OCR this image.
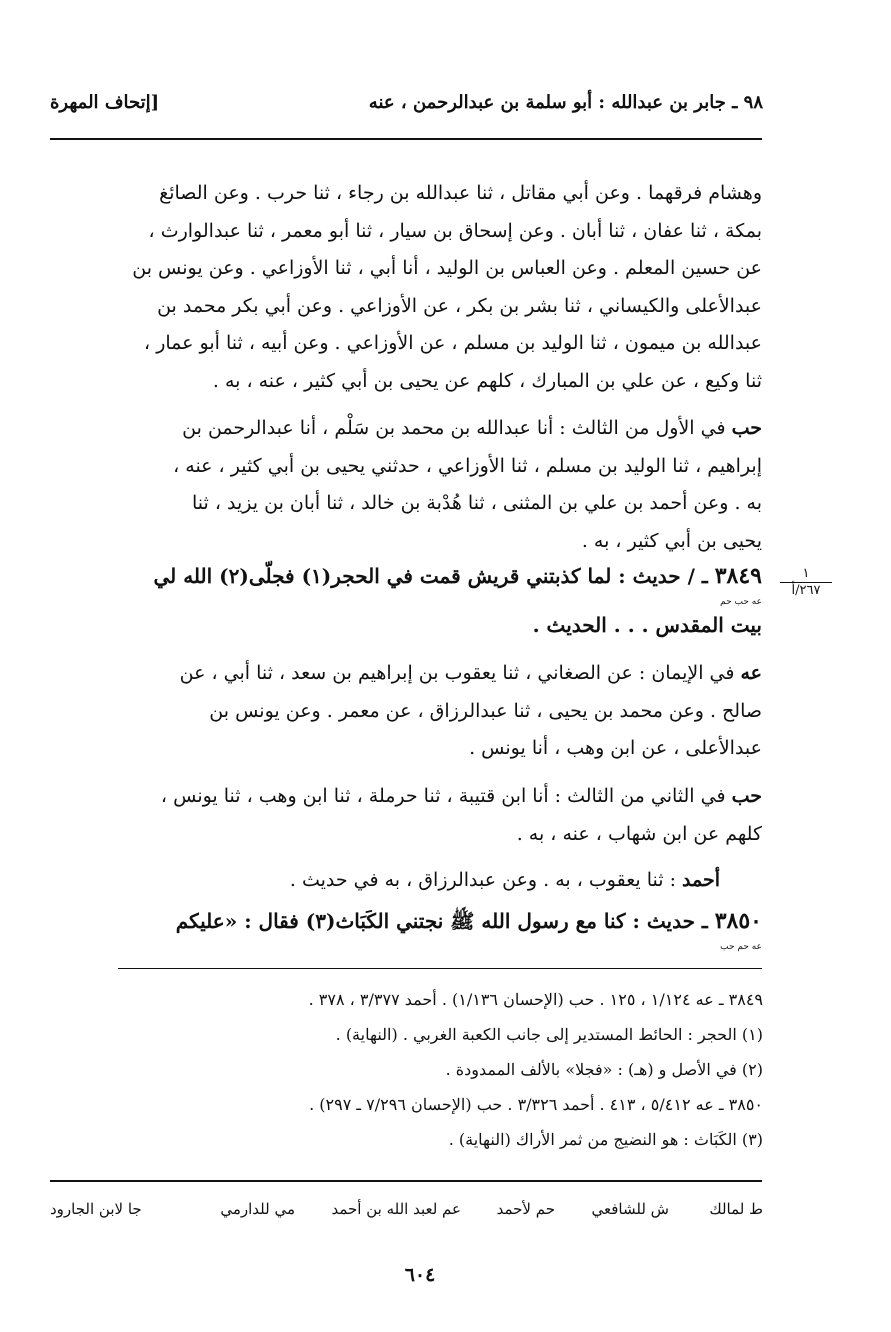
٩٨ ـ جابر بن عبدالله : أبو سلمة بن عبدالرحمن ، عنه
[إتحاف المهرة

وهشام فرقهما . وعن أبي مقاتل ، ثنا عبدالله بن رجاء ، ثنا حرب . وعن الصائغ
بمكة ، ثنا عفان ، ثنا أبان . وعن إسحاق بن سيار ، ثنا أبو معمر ، ثنا عبدالوارث ،
عن حسين المعلم . وعن العباس بن الوليد ، أنا أبي ، ثنا الأوزاعي . وعن يونس بن
عبدالأعلى والكيساني ، ثنا بشر بن بكر ، عن الأوزاعي . وعن أبي بكر محمد بن
عبدالله بن ميمون ، ثنا الوليد بن مسلم ، عن الأوزاعي . وعن أبيه ، ثنا أبو عمار ،
ثنا وكيع ، عن علي بن المبارك ، كلهم عن يحيى بن أبي كثير ، عنه ، به .

حب في الأول من الثالث : أنا عبدالله بن محمد بن سَلْم ، أنا عبدالرحمن بن
إبراهيم ، ثنا الوليد بن مسلم ، ثنا الأوزاعي ، حدثني يحيى بن أبي كثير ، عنه ،
به . وعن أحمد بن علي بن المثنى ، ثنا هُدْبة بن خالد ، ثنا أبان بن يزيد ، ثنا
يحيى بن أبي كثير ، به .

٣٨٤٩ ـ / حديث : لما كذبتني قريش قمت في الحجر(١) فجلّى(٢) الله لي
عه حب حم
بيت المقدس . . . الحديث .
١
٢٦٧/أ

عه في الإيمان : عن الصغاني ، ثنا يعقوب بن إبراهيم بن سعد ، ثنا أبي ، عن
صالح . وعن محمد بن يحيى ، ثنا عبدالرزاق ، عن معمر . وعن يونس بن
عبدالأعلى ، عن ابن وهب ، أنا يونس .

حب في الثاني من الثالث : أنا ابن قتيبة ، ثنا حرملة ، ثنا ابن وهب ، ثنا يونس ،
كلهم عن ابن شهاب ، عنه ، به .

أحمد : ثنا يعقوب ، به . وعن عبدالرزاق ، به في حديث .

٣٨٥٠ ـ حديث : كنا مع رسول الله ﷺ نجتني الكَبَاث(٣) فقال : «عليكم
عه حم حب
٣٨٤٩ ـ عه ١/١٢٤ ، ١٢٥ . حب (الإحسان ١/١٣٦) . أحمد ٣/٣٧٧ ، ٣٧٨ .
(١) الحجر : الحائط المستدير إلى جانب الكعبة الغربي . (النهاية) .
(٢) في الأصل و (هـ) : «فجلا» بالألف الممدودة .
٣٨٥٠ ـ عه ٥/٤١٢ ، ٤١٣ . أحمد ٣/٣٢٦ . حب (الإحسان ٧/٢٩٦ ـ ٢٩٧) .
(٣) الكَبَاث : هو النضيج من ثمر الأراك (النهاية) .
ط لمالك
ش للشافعي
حم لأحمد
عم لعبد الله بن أحمد
مي للدارمي
جا لابن الجارود
٦٠٤
